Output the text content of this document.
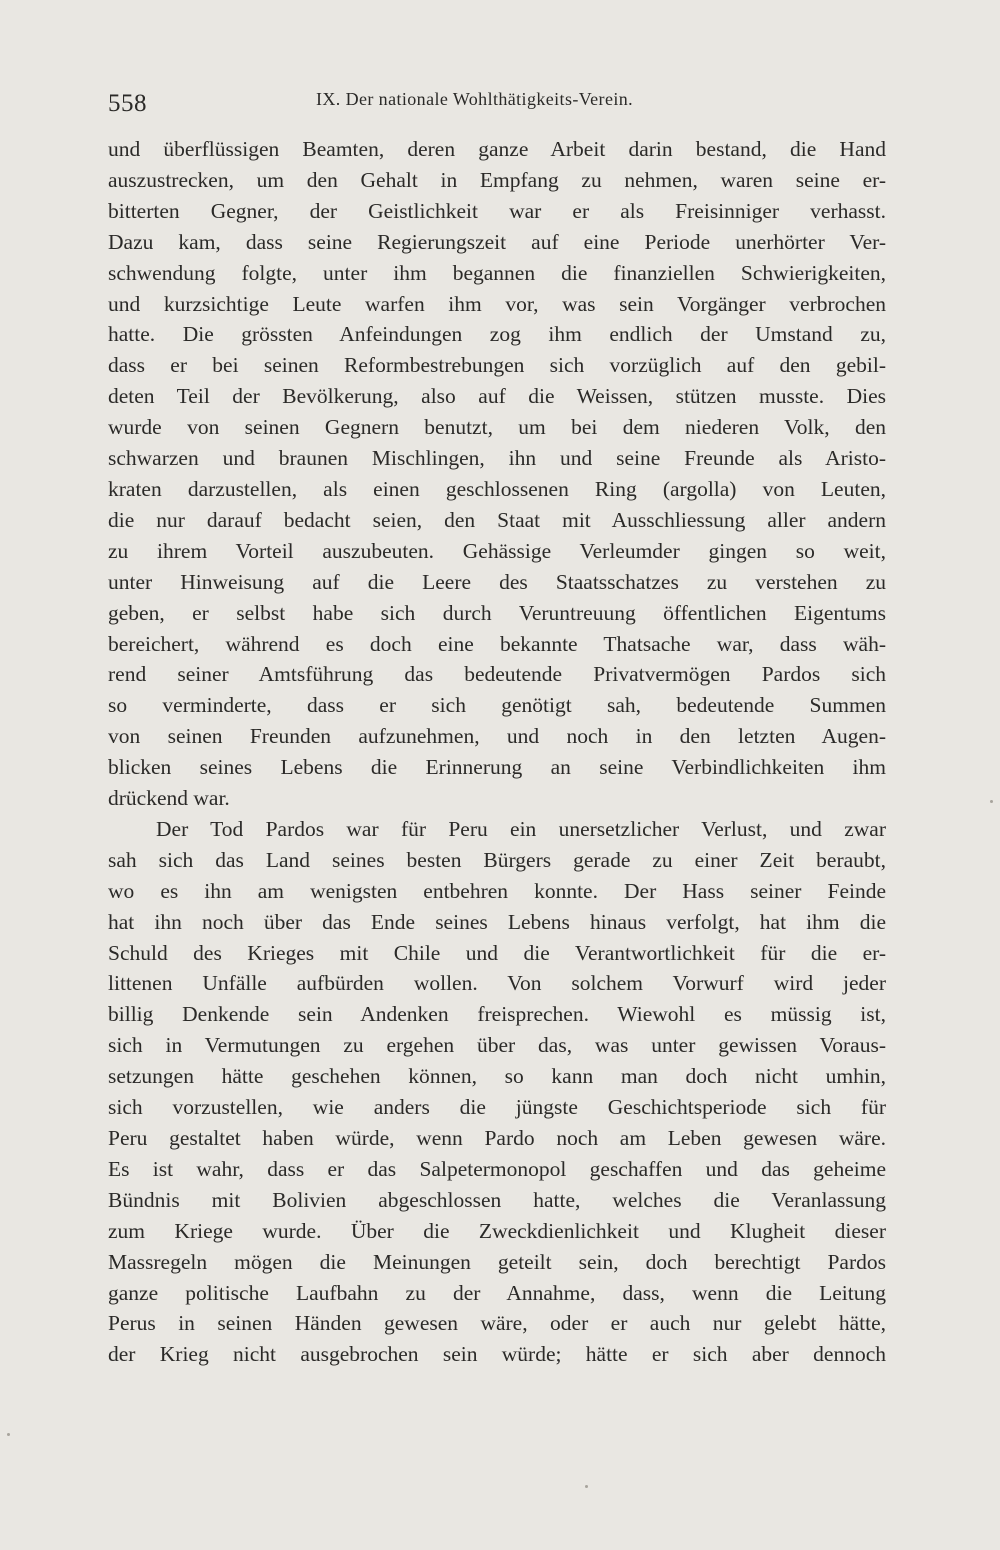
558	IX. Der nationale Wohlthätigkeits-Verein.
und überflüssigen Beamten, deren ganze Arbeit darin bestand, die Hand
auszustrecken, um den Gehalt in Empfang zu nehmen, waren seine er-
bitterten Gegner, der Geistlichkeit war er als Freisinniger verhasst.
Dazu kam, dass seine Regierungszeit auf eine Periode unerhörter Ver-
schwendung folgte, unter ihm begannen die finanziellen Schwierigkeiten,
und kurzsichtige Leute warfen ihm vor, was sein Vorgänger verbrochen
hatte. Die grössten Anfeindungen zog ihm endlich der Umstand zu,
dass er bei seinen Reformbestrebungen sich vorzüglich auf den gebil-
deten Teil der Bevölkerung, also auf die Weissen, stützen musste. Dies
wurde von seinen Gegnern benutzt, um bei dem niederen Volk, den
schwarzen und braunen Mischlingen, ihn und seine Freunde als Aristo-
kraten darzustellen, als einen geschlossenen Ring (argolla) von Leuten,
die nur darauf bedacht seien, den Staat mit Ausschliessung aller andern
zu ihrem Vorteil auszubeuten. Gehässige Verleumder gingen so weit,
unter Hinweisung auf die Leere des Staatsschatzes zu verstehen zu
geben, er selbst habe sich durch Veruntreuung öffentlichen Eigentums
bereichert, während es doch eine bekannte Thatsache war, dass wäh-
rend seiner Amtsführung das bedeutende Privatvermögen Pardos sich
so verminderte, dass er sich genötigt sah, bedeutende Summen
von seinen Freunden aufzunehmen, und noch in den letzten Augen-
blicken seines Lebens die Erinnerung an seine Verbindlichkeiten ihm
drückend war.
Der Tod Pardos war für Peru ein unersetzlicher Verlust, und zwar
sah sich das Land seines besten Bürgers gerade zu einer Zeit beraubt,
wo es ihn am wenigsten entbehren konnte. Der Hass seiner Feinde
hat ihn noch über das Ende seines Lebens hinaus verfolgt, hat ihm die
Schuld des Krieges mit Chile und die Verantwortlichkeit für die er-
littenen Unfälle aufbürden wollen. Von solchem Vorwurf wird jeder
billig Denkende sein Andenken freisprechen. Wiewohl es müssig ist,
sich in Vermutungen zu ergehen über das, was unter gewissen Voraus-
setzungen hätte geschehen können, so kann man doch nicht umhin,
sich vorzustellen, wie anders die jüngste Geschichtsperiode sich für
Peru gestaltet haben würde, wenn Pardo noch am Leben gewesen wäre.
Es ist wahr, dass er das Salpetermonopol geschaffen und das geheime
Bündnis mit Bolivien abgeschlossen hatte, welches die Veranlassung
zum Kriege wurde. Über die Zweckdienlichkeit und Klugheit dieser
Massregeln mögen die Meinungen geteilt sein, doch berechtigt Pardos
ganze politische Laufbahn zu der Annahme, dass, wenn die Leitung
Perus in seinen Händen gewesen wäre, oder er auch nur gelebt hätte,
der Krieg nicht ausgebrochen sein würde; hätte er sich aber dennoch
